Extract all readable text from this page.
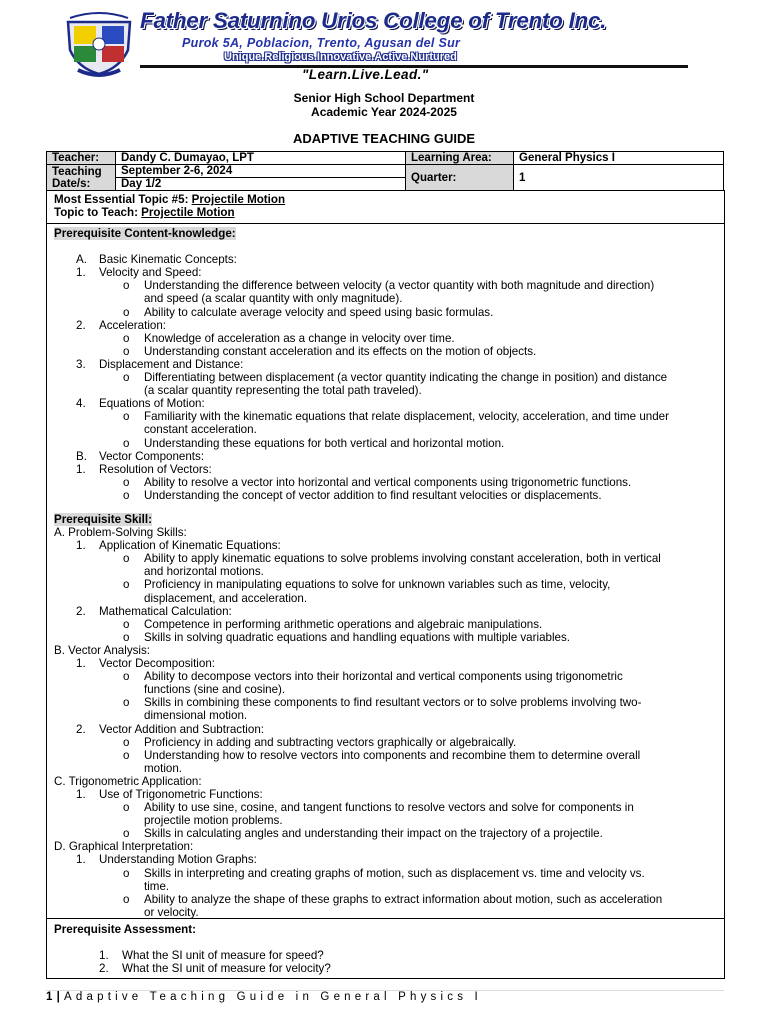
Father Saturnino Urios College of Trento Inc.
Purok 5A, Poblacion, Trento, Agusan del Sur
Unique.Religious.Innovative.Active.Nurtured
"Learn.Live.Lead."
Senior High School Department
Academic Year 2024-2025
ADAPTIVE TEACHING GUIDE
Teacher:	Dandy C. Dumayao, LPT	Learning Area:	General Physics I

Teaching
Date/s:	September 2-6, 2024	Quarter:	1
	Day 1/2		
Most Essential Topic #5: Projectile Motion
Topic to Teach: Projectile Motion
Prerequisite Content-knowledge:
A. Basic Kinematic Concepts:
1. Velocity and Speed:
o Understanding the difference between velocity (a vector quantity with both magnitude and direction)
and speed (a scalar quantity with only magnitude).
o Ability to calculate average velocity and speed using basic formulas.
2. Acceleration:
o Knowledge of acceleration as a change in velocity over time.
o Understanding constant acceleration and its effects on the motion of objects.
3. Displacement and Distance:
o Differentiating between displacement (a vector quantity indicating the change in position) and distance
(a scalar quantity representing the total path traveled).
4. Equations of Motion:
o Familiarity with the kinematic equations that relate displacement, velocity, acceleration, and time under
constant acceleration.
o Understanding these equations for both vertical and horizontal motion.
B. Vector Components:
1. Resolution of Vectors:
o Ability to resolve a vector into horizontal and vertical components using trigonometric functions.
o Understanding the concept of vector addition to find resultant velocities or displacements.
Prerequisite Skill:
A. Problem-Solving Skills:
1. Application of Kinematic Equations:
o Ability to apply kinematic equations to solve problems involving constant acceleration, both in vertical
and horizontal motions.
o Proficiency in manipulating equations to solve for unknown variables such as time, velocity,
displacement, and acceleration.
2. Mathematical Calculation:
o Competence in performing arithmetic operations and algebraic manipulations.
o Skills in solving quadratic equations and handling equations with multiple variables.
B. Vector Analysis:
1. Vector Decomposition:
o Ability to decompose vectors into their horizontal and vertical components using trigonometric
functions (sine and cosine).
o Skills in combining these components to find resultant vectors or to solve problems involving two-
dimensional motion.
2. Vector Addition and Subtraction:
o Proficiency in adding and subtracting vectors graphically or algebraically.
o Understanding how to resolve vectors into components and recombine them to determine overall
motion.
C. Trigonometric Application:
1. Use of Trigonometric Functions:
o Ability to use sine, cosine, and tangent functions to resolve vectors and solve for components in
projectile motion problems.
o Skills in calculating angles and understanding their impact on the trajectory of a projectile.
D. Graphical Interpretation:
1. Understanding Motion Graphs:
o Skills in interpreting and creating graphs of motion, such as displacement vs. time and velocity vs.
time.
o Ability to analyze the shape of these graphs to extract information about motion, such as acceleration
or velocity.
Prerequisite Assessment:
1. What the SI unit of measure for speed?
2. What the SI unit of measure for velocity?
1|Adaptive Teaching Guide in General Physics I
